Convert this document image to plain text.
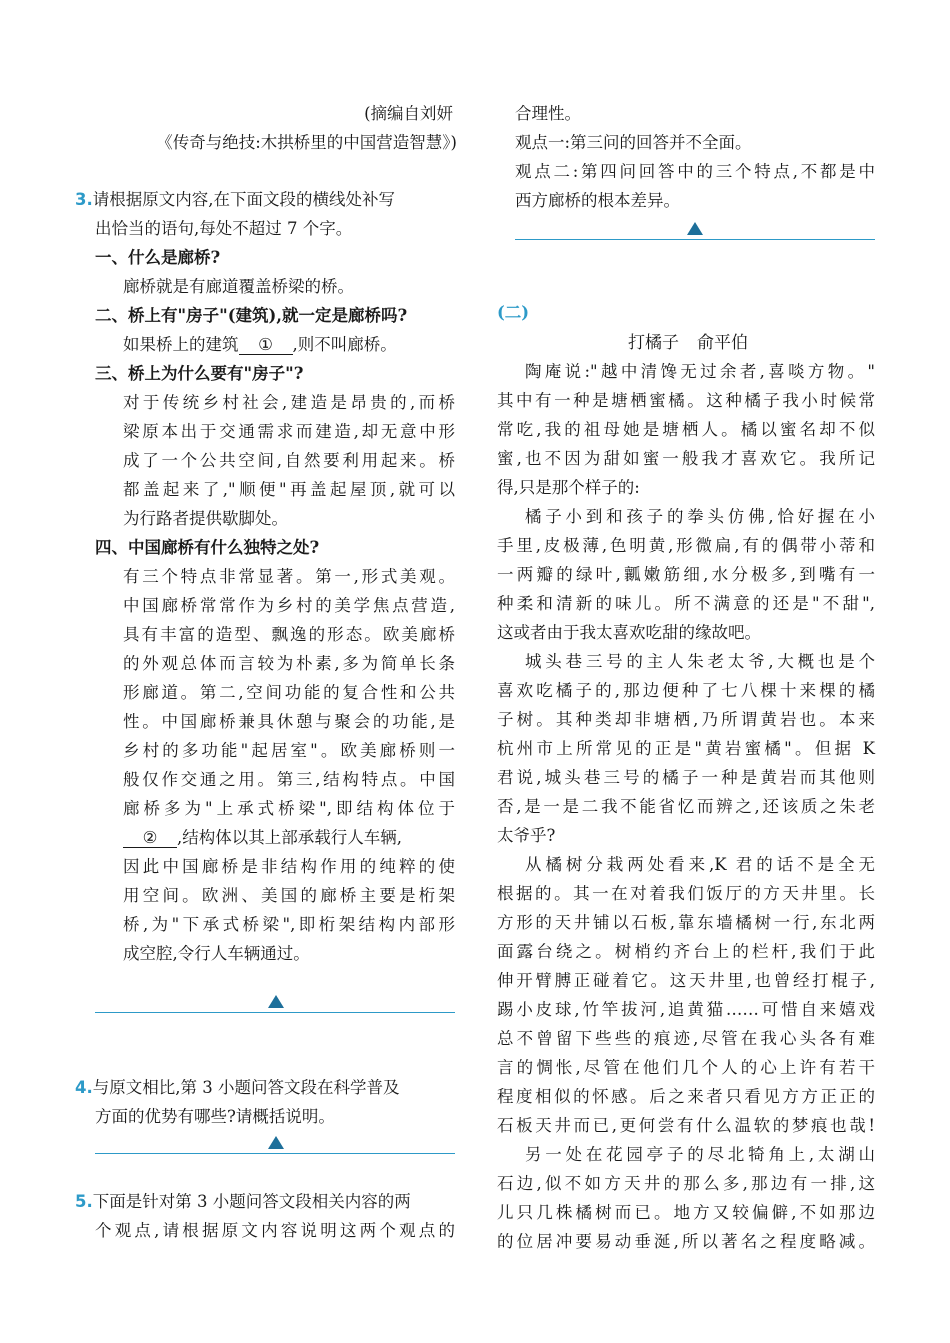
(摘编自刘妍
《传奇与绝技:木拱桥里的中国营造智慧》)
3.请根据原文内容,在下面文段的横线处补写
出恰当的语句,每处不超过 7 个字。
一、什么是廊桥?
廊桥就是有廊道覆盖桥梁的桥。
二、桥上有"房子"(建筑),就一定是廊桥吗?
如果桥上的建筑 ① ,则不叫廊桥。
三、桥上为什么要有"房子"?
对于传统乡村社会,建造是昂贵的,而桥
梁原本出于交通需求而建造,却无意中形
成了一个公共空间,自然要利用起来。桥
都盖起来了,"顺便"再盖起屋顶,就可以
为行路者提供歇脚处。
四、中国廊桥有什么独特之处?
有三个特点非常显著。第一,形式美观。
中国廊桥常常作为乡村的美学焦点营造,
具有丰富的造型、飘逸的形态。欧美廊桥
的外观总体而言较为朴素,多为简单长条
形廊道。第二,空间功能的复合性和公共
性。中国廊桥兼具休憩与聚会的功能,是
乡村的多功能"起居室"。欧美廊桥则一
般仅作交通之用。第三,结构特点。中国
廊桥多为"上承式桥梁",即结构体位于
② ,结构体以其上部承载行人车辆,
因此中国廊桥是非结构作用的纯粹的使
用空间。欧洲、美国的廊桥主要是桁架
桥,为"下承式桥梁",即桁架结构内部形
成空腔,令行人车辆通过。
4.与原文相比,第 3 小题问答文段在科学普及
方面的优势有哪些?请概括说明。
5.下面是针对第 3 小题问答文段相关内容的两
个观点,请根据原文内容说明这两个观点的
合理性。
观点一:第三问的回答并不全面。
观点二:第四问回答中的三个特点,不都是中
西方廊桥的根本差异。
(二)
打橘子 俞平伯
陶庵说:"越中清馋无过余者,喜啖方物。"
其中有一种是塘栖蜜橘。这种橘子我小时候常
常吃,我的祖母她是塘栖人。橘以蜜名却不似
蜜,也不因为甜如蜜一般我才喜欢它。我所记
得,只是那个样子的:
橘子小到和孩子的拳头仿佛,恰好握在小
手里,皮极薄,色明黄,形微扁,有的偶带小蒂和
一两瓣的绿叶,瓤嫩筋细,水分极多,到嘴有一
种柔和清新的味儿。所不满意的还是"不甜",
这或者由于我太喜欢吃甜的缘故吧。
城头巷三号的主人朱老太爷,大概也是个
喜欢吃橘子的,那边便种了七八棵十来棵的橘
子树。其种类却非塘栖,乃所谓黄岩也。本来
杭州市上所常见的正是"黄岩蜜橘"。但据 K
君说,城头巷三号的橘子一种是黄岩而其他则
否,是一是二我不能省忆而辨之,还该质之朱老
太爷乎?
从橘树分栽两处看来,K 君的话不是全无
根据的。其一在对着我们饭厅的方天井里。长
方形的天井铺以石板,靠东墙橘树一行,东北两
面露台绕之。树梢约齐台上的栏杆,我们于此
伸开臂膊正碰着它。这天井里,也曾经打棍子,
踢小皮球,竹竿拔河,追黄猫……可惜自来嬉戏
总不曾留下些些的痕迹,尽管在我心头各有难
言的惆怅,尽管在他们几个人的心上许有若干
程度相似的怀感。后之来者只看见方方正正的
石板天井而已,更何尝有什么温软的梦痕也哉!
另一处在花园亭子的尽北犄角上,太湖山
石边,似不如方天井的那么多,那边有一排,这
儿只几株橘树而已。地方又较偏僻,不如那边
的位居冲要易动垂涎,所以著名之程度略减。
